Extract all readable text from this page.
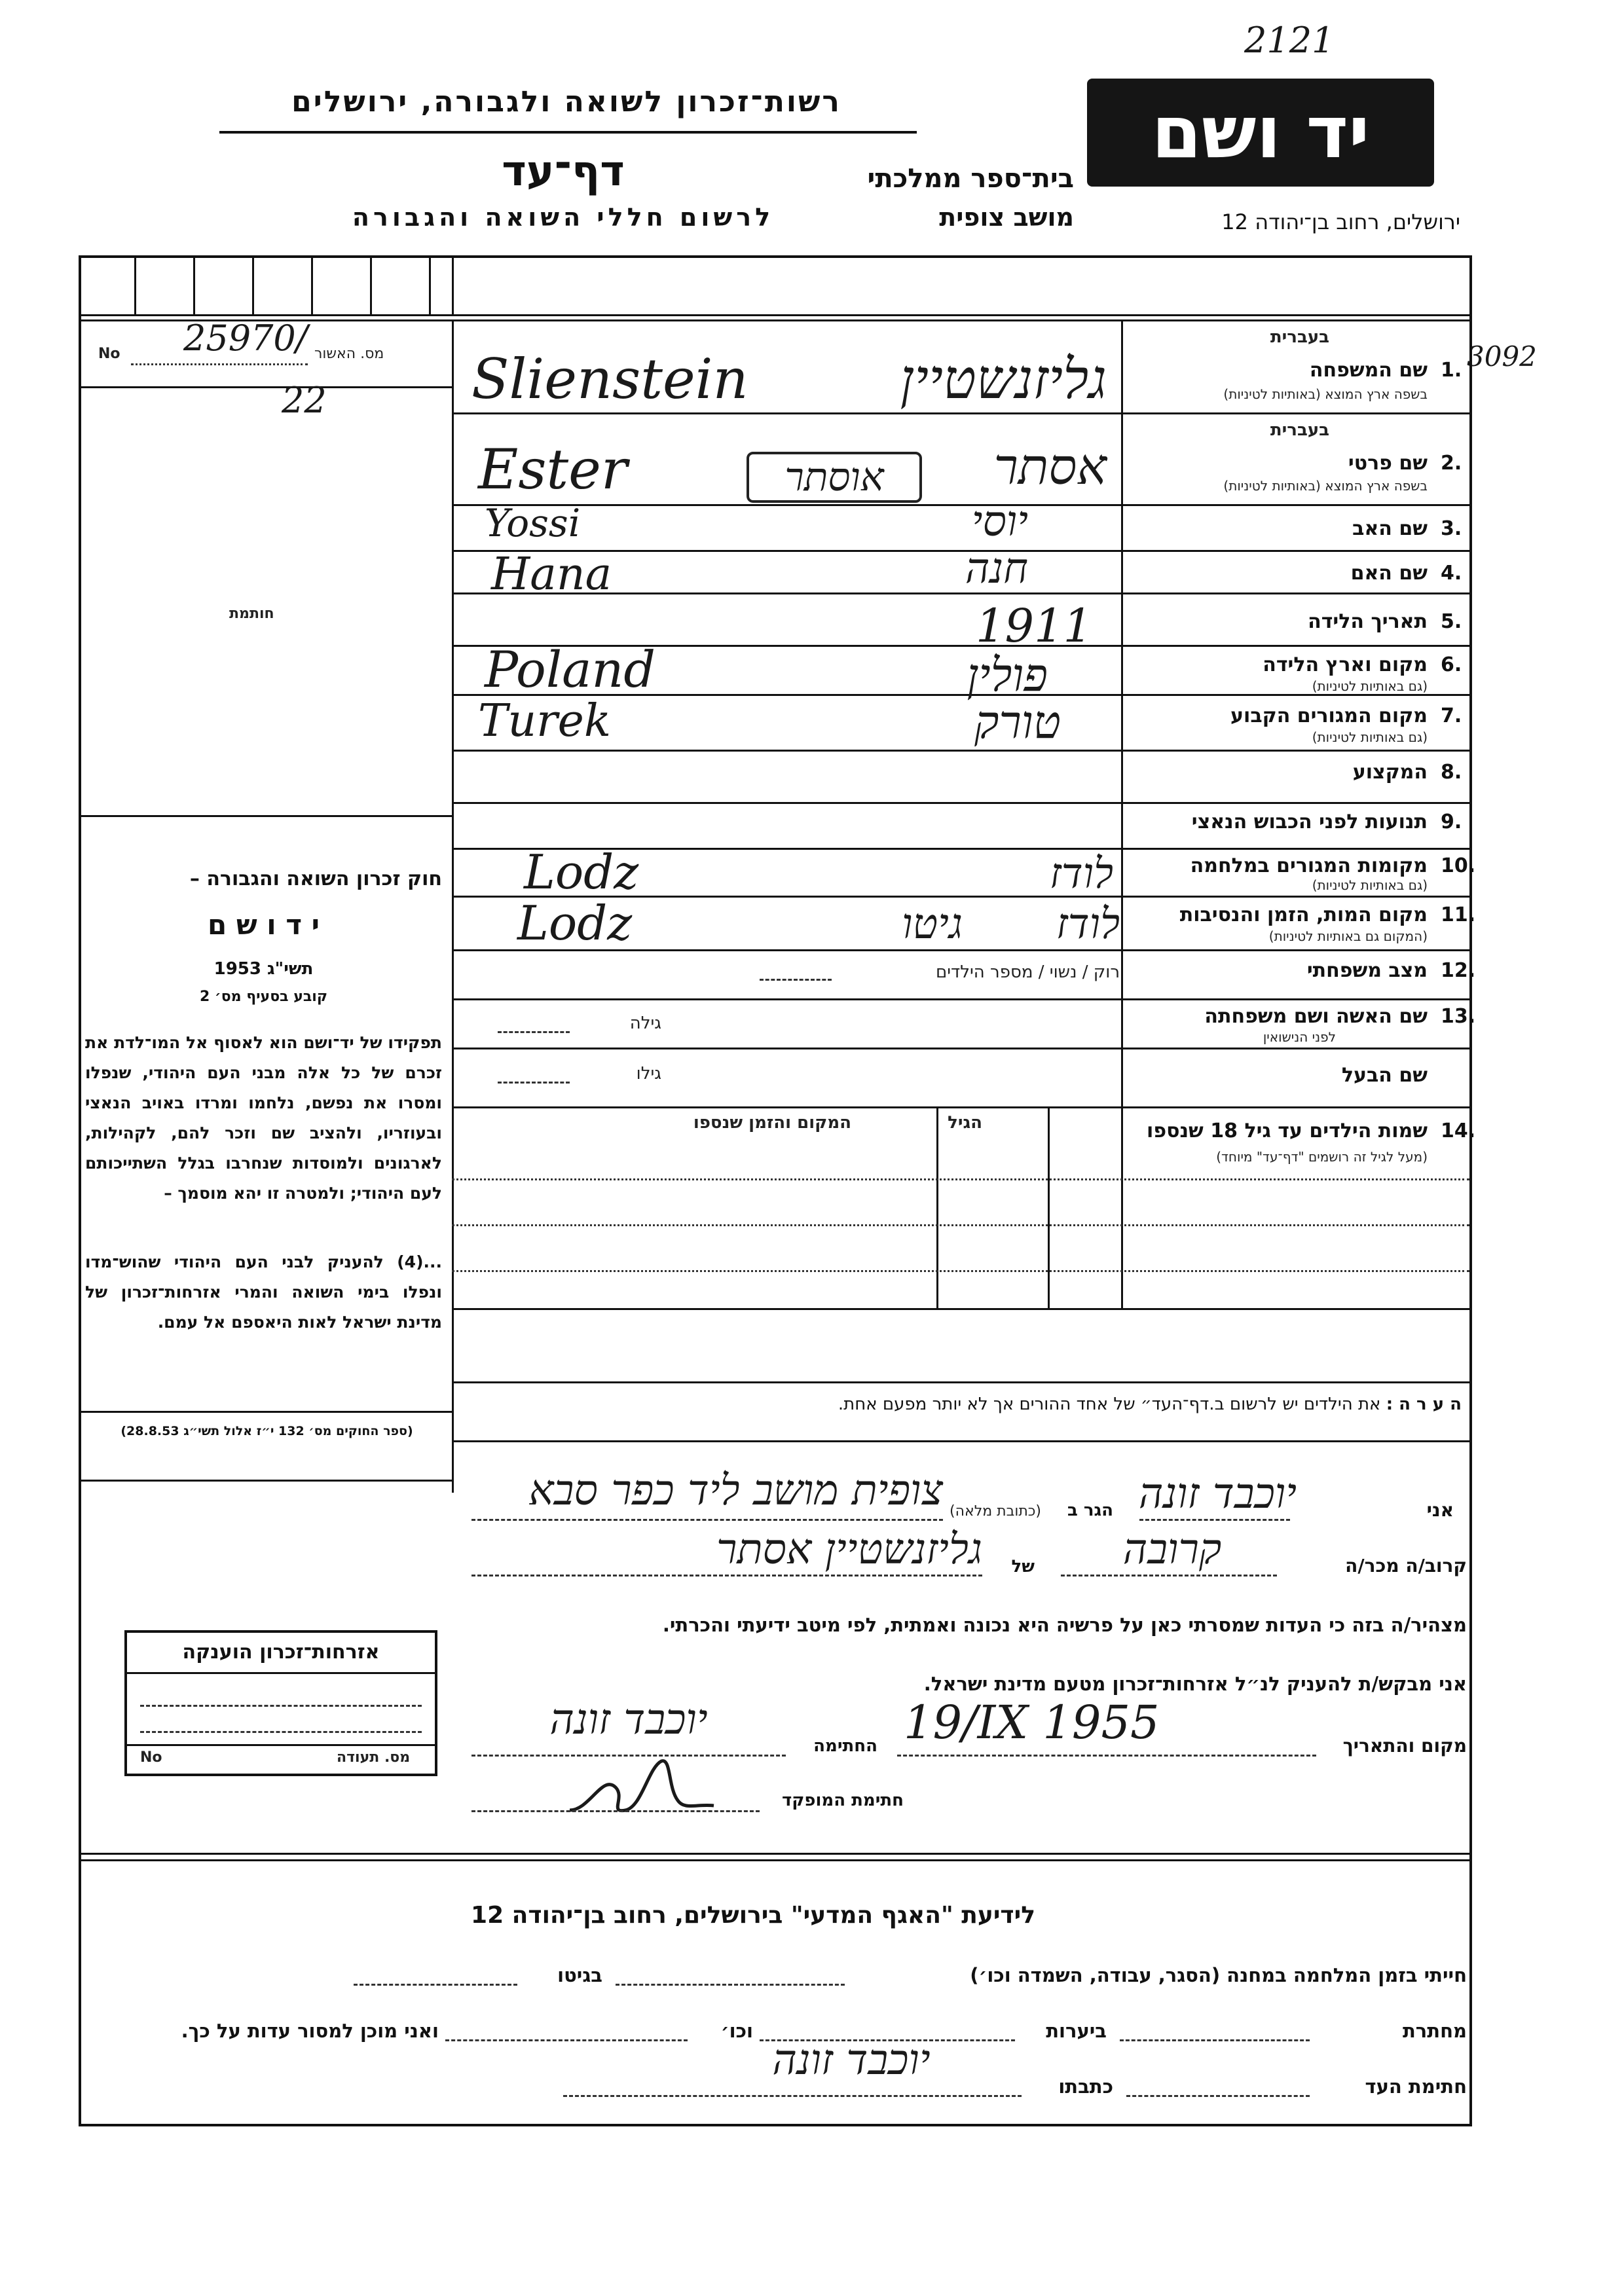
2121
רשות־זכרון לשואה ולגבורה, ירושלים	יד ושם
דף־עד	בית־ספר ממלכתי
מושב צופית
לרשום חללי השואה והגבורה	ירושלים, רחוב בן־יהודה 12
3092
מס. האשור
No 25970/
22
חותמת
חוק זכרון השואה והגבורה –
י ד ו ש ם
תשי"ג 1953
קובע בסעיף מס׳ 2
תפקידו של יד־ושם הוא לאסוף אל המו־לדת את זכרם של כל אלה מבני העם היהודי, שנפלו ומסרו את נפשם, נלחמו ומרדו באויב הנאצי ובעוזריו, ולהציב שם וזכר להם, לקהילות, לארגונים ולמוסדות שנחרבו בגלל השתייכותם לעם היהודי; ולמטרה זו יהא מוסמך –
...(4) להעניק לבני העם היהודי שהוש־מדו ונפלו בימי השואה והמרי אזרחות־זכרון של מדינת ישראל לאות היאספם אל עמם.
(ספר החוקים מס׳ 132 י״ז אלול תשי״ג 28.8.53)
1.
שם המשפחה
בשפה ארץ המוצא (באותיות לטיניות)
בעברית
Slienstein	גליזנשטיין
בעברית
2.
שם פרטי
בשפה ארץ המוצא (באותיות לטיניות)
Ester	אסתר
אוסתר
3.
שם האב
Yossi	יוסי
4.
שם האם
Hana	חנה
5.
תאריך הלידה
1911
6.
מקום וארץ הלידה
(גם באותיות לטיניות)
Poland	פולין
7.
מקום המגורים הקבוע
(גם באותיות לטיניות)
Turek	טורק
8.
המקצוע
9.
תנועות לפני הכבוש הנאצי
10.
מקומות המגורים במלחמה
(גם באותיות לטיניות)
Lodz	לודז
11.
מקום המות, הזמן והנסיבות
(המקום גם באותיות לטיניות)
Lodz	לודז
גיטו
12.
מצב משפחתי
רוק / נשוי / מספר הילדים
13.
שם האשה ושם משפחתה
לפני הנישואין
גילה
שם הבעל
גילו
14.
שמות הילדים עד גיל 18 שנספו
(מעל לגיל זה רושמים "דף־עד" מיוחד)
הגיל
המקום והזמן שנספו
ה ע ר ה : את הילדים יש לרשום ב.דף־העד״ של אחד ההורים אך לא יותר מפעם אחת.
אני
יוכבד זונה
הגר ב
(כתובת מלאה)
צופית מושב ליד כפר סבא
קרוב/ה מכר/ה
קרובה
של
גליזנשטיין אסתר
מצהיר/ה בזה כי העדות שמסרתי כאן על פרשיה היא נכונה ואמתית, לפי מיטב ידיעתי והכרתי.
אני מבקש/ת להעניק לנ״ל אזרחות־זכרון מטעם מדינת ישראל.
מקום והתאריך
19/IX 1955
החתימה
יוכבד זונה
חתימת המופקד
אזרחות־זכרון הוענקה
מס. תעודה
No
לידיעת "האגף המדעי" בירושלים, רחוב בן־יהודה 12
חייתי בזמן המלחמה במחנה (הסגר, עבודה, השמדה וכו׳)
בגיטו
מחתרת
ביערות
וכו׳
ואני מוכן למסור עדות על כך.
חתימת העד
כתבתו
יוכבד זונה
